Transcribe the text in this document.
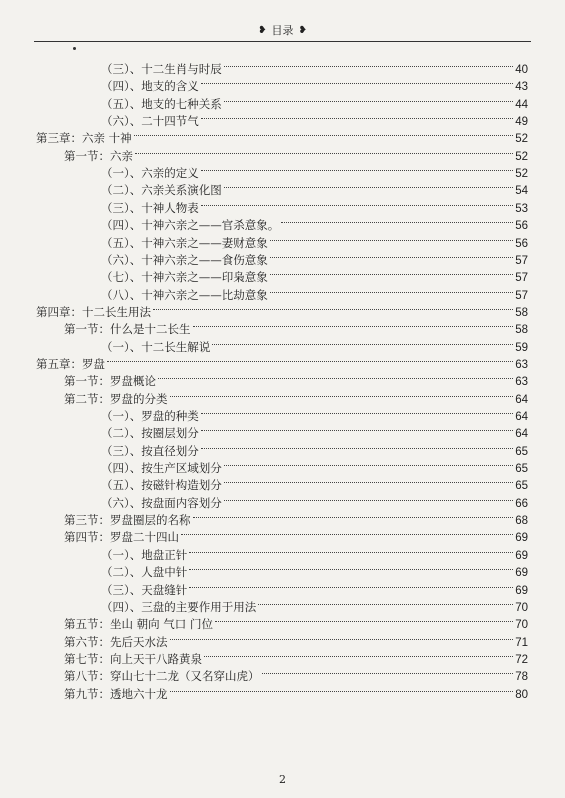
❥ 目录 ❥
（三）、十二生肖与时辰	40
（四）、地支的含义	43
（五）、地支的七种关系	44
（六）、二十四节气	49
第三章：六亲 十神	52
第一节：六亲	52
（一）、六亲的定义	52
（二）、六亲关系演化图	54
（三）、十神人物表	53
（四）、十神六亲之——官杀意象。	56
（五）、十神六亲之——妻财意象	56
（六）、十神六亲之——食伤意象	57
（七）、十神六亲之——印枭意象	57
（八）、十神六亲之——比劫意象	57
第四章：十二长生用法	58
第一节：什么是十二长生	58
（一）、十二长生解说	59
第五章：罗盘	63
第一节：罗盘概论	63
第二节：罗盘的分类	64
（一）、罗盘的种类	64
（二）、按圈层划分	64
（三）、按直径划分	65
（四）、按生产区域划分	65
（五）、按磁针构造划分	65
（六）、按盘面内容划分	66
第三节：罗盘圈层的名称	68
第四节：罗盘二十四山	69
（一）、地盘正针	69
（二）、人盘中针	69
（三）、天盘缝针	69
（四）、三盘的主要作用于用法	70
第五节：坐山 朝向 气口 门位	70
第六节：先后天水法	71
第七节：向上天干八路黄泉	72
第八节：穿山七十二龙（又名穿山虎）	78
第九节：透地六十龙	80
2
